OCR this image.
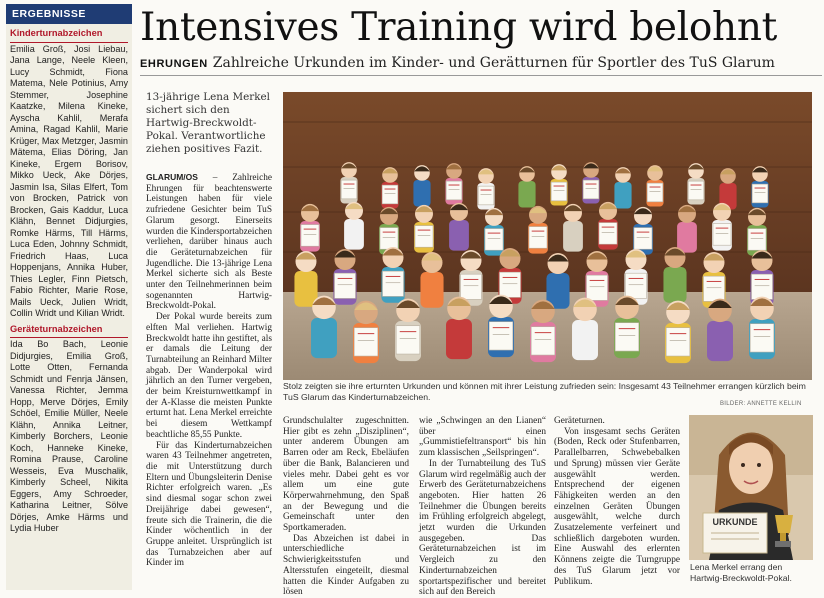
ERGEBNISSE
Kinderturnabzeichen
Emilia Groß, Josi Liebau, Jana Lange, Neele Kleen, Lucy Schmidt, Fiona Matema, Nele Potinius, Amy Stemmer, Josephine Kaatzke, Milena Kineke, Ayscha Kahlil, Merafa Amina, Ragad Kahlil, Marie Krüger, Max Metzger, Jasmin Mätema, Elias Döring, Jan Kineke, Ergem Borisov, Mikko Ueck, Ake Dörjes, Jasmin Isa, Silas Elfert, Tom von Brocken, Patrick von Brocken, Gais Kaddur, Luca Klähn, Bennet Didjurgies, Romke Härms, Till Härms, Luca Eden, Johnny Schmidt, Friedrich Haas, Luca Hoppenjans, Annika Huber, Thies Legler, Finn Pietsch, Fabio Richter, Marie Rose, Mails Ueck, Julien Wridt, Collin Wridt und Kilian Wridt.
Geräteturnabzeichen
Ida Bo Bach, Leonie Didjurgies, Emilia Groß, Lotte Otten, Fernanda Schmidt und Fenrja Jänsen, Vanessa Richter, Jemma Hopp, Merve Dörjes, Emily Schöel, Emilie Müller, Neele Klähn, Annika Leitner, Kimberly Borchers, Leonie Koch, Hanneke Kineke, Romina Prause, Caroline Wesseis, Eva Muschalik, Kimberly Scheel, Nikita Eggers, Amy Schroeder, Katharina Leitner, Sölve Dörjes, Amke Härms und Lydia Huber
Intensives Training wird belohnt
EHRUNGEN Zahlreiche Urkunden im Kinder- und Gerätturnen für Sportler des TuS Glarum
13-jährige Lena Merkel sichert sich den Hartwig-Breckwoldt-Pokal. Verantwortliche ziehen positives Fazit.

GLARUM/OS – Zahlreiche Ehrungen für beachtenswerte Leistungen haben für viele zufriedene Gesichter beim TuS Glarum gesorgt. Einerseits wurden die Kindersportabzeichen verliehen, darüber hinaus auch die Geräteturnabzeichen für Jugendliche. Die 13-jährige Lena Merkel sicherte sich als Beste unter den Teilnehmerinnen beim sogenannten Hartwig-Breckwoldt-Pokal.

Der Pokal wurde bereits zum elften Mal verliehen. Hartwig Breckwoldt hatte ihn gestiftet, als er damals die Leitung der Turnabteilung an Reinhard Milter abgab. Der Wanderpokal wird jährlich an den Turner vergeben, der beim Kreisturnwettkampf in der A-Klasse die meisten Punkte erturnt hat. Lena Merkel erreichte bei diesem Wettkampf beachtliche 85,55 Punkte.

Für das Kinderturnabzeichen waren 43 Teilnehmer angetreten, die mit Unterstützung durch Eltern und Übungsleiterin Denise Richter erfolgreich waren. „Es sind diesmal sogar schon zwei Dreijährige dabei gewesen“, freute sich die Trainerin, die die Kinder wöchentlich in der Gruppe anleitet. Ursprünglich ist das Turnabzeichen aber auf Kinder im

Stolz zeigten sie ihre erturnten Urkunden und können mit ihrer Leistung zufrieden sein: Insgesamt 43 Teilnehmer errangen kürzlich beim TuS Glarum das Kinderturnabzeichen.
BILDER: ANNETTE KELLIN

Grundschulalter zugeschnitten. Hier gibt es zehn „Disziplinen“, unter anderem Übungen am Barren oder am Reck, Ebeläufen über die Bank, Balancieren und vieles mehr. Dabei geht es vor allem um eine gute Körperwahrnehmung, den Spaß an der Bewegung und die Gemeinschaft unter den Sportkameraden.

Das Abzeichen ist dabei in unterschiedliche Schwierigkeitsstufen und Altersstufen eingeteilt, diesmal hatten die Kinder Aufgaben zu lösen

wie „Schwingen an den Lianen“ über einen „Gummistiefeltransport“ bis hin zum klassischen „Seilspringen“.

In der Turnabteilung des TuS Glarum wird regelmäßig auch der Erwerb des Geräteturnabzeichens angeboten. Hier hatten 26 Teilnehmer die Übungen bereits im Frühling erfolgreich abgelegt, jetzt wurden die Urkunden ausgegeben. Das Geräteturnabzeichen ist im Vergleich zu den Kinderturnabzeichen sportartspezifischer und bereitet sich auf den Bereich

Geräteturnen.

Von insgesamt sechs Geräten (Boden, Reck oder Stufenbarren, Parallelbarren, Schwebebalken und Sprung) müssen vier Geräte ausgewählt werden. Entsprechend der eigenen Fähigkeiten werden an den einzelnen Geräten Übungen ausgewählt, welche durch Zusatzelemente verfeinert und schließlich dargeboten wurden. Eine Auswahl des erlernten Könnens zeigte die Turngruppe des TuS Glarum jetzt vor Publikum.

URKUNDE
Lena Merkel errang den Hartwig-Breckwoldt-Pokal.
